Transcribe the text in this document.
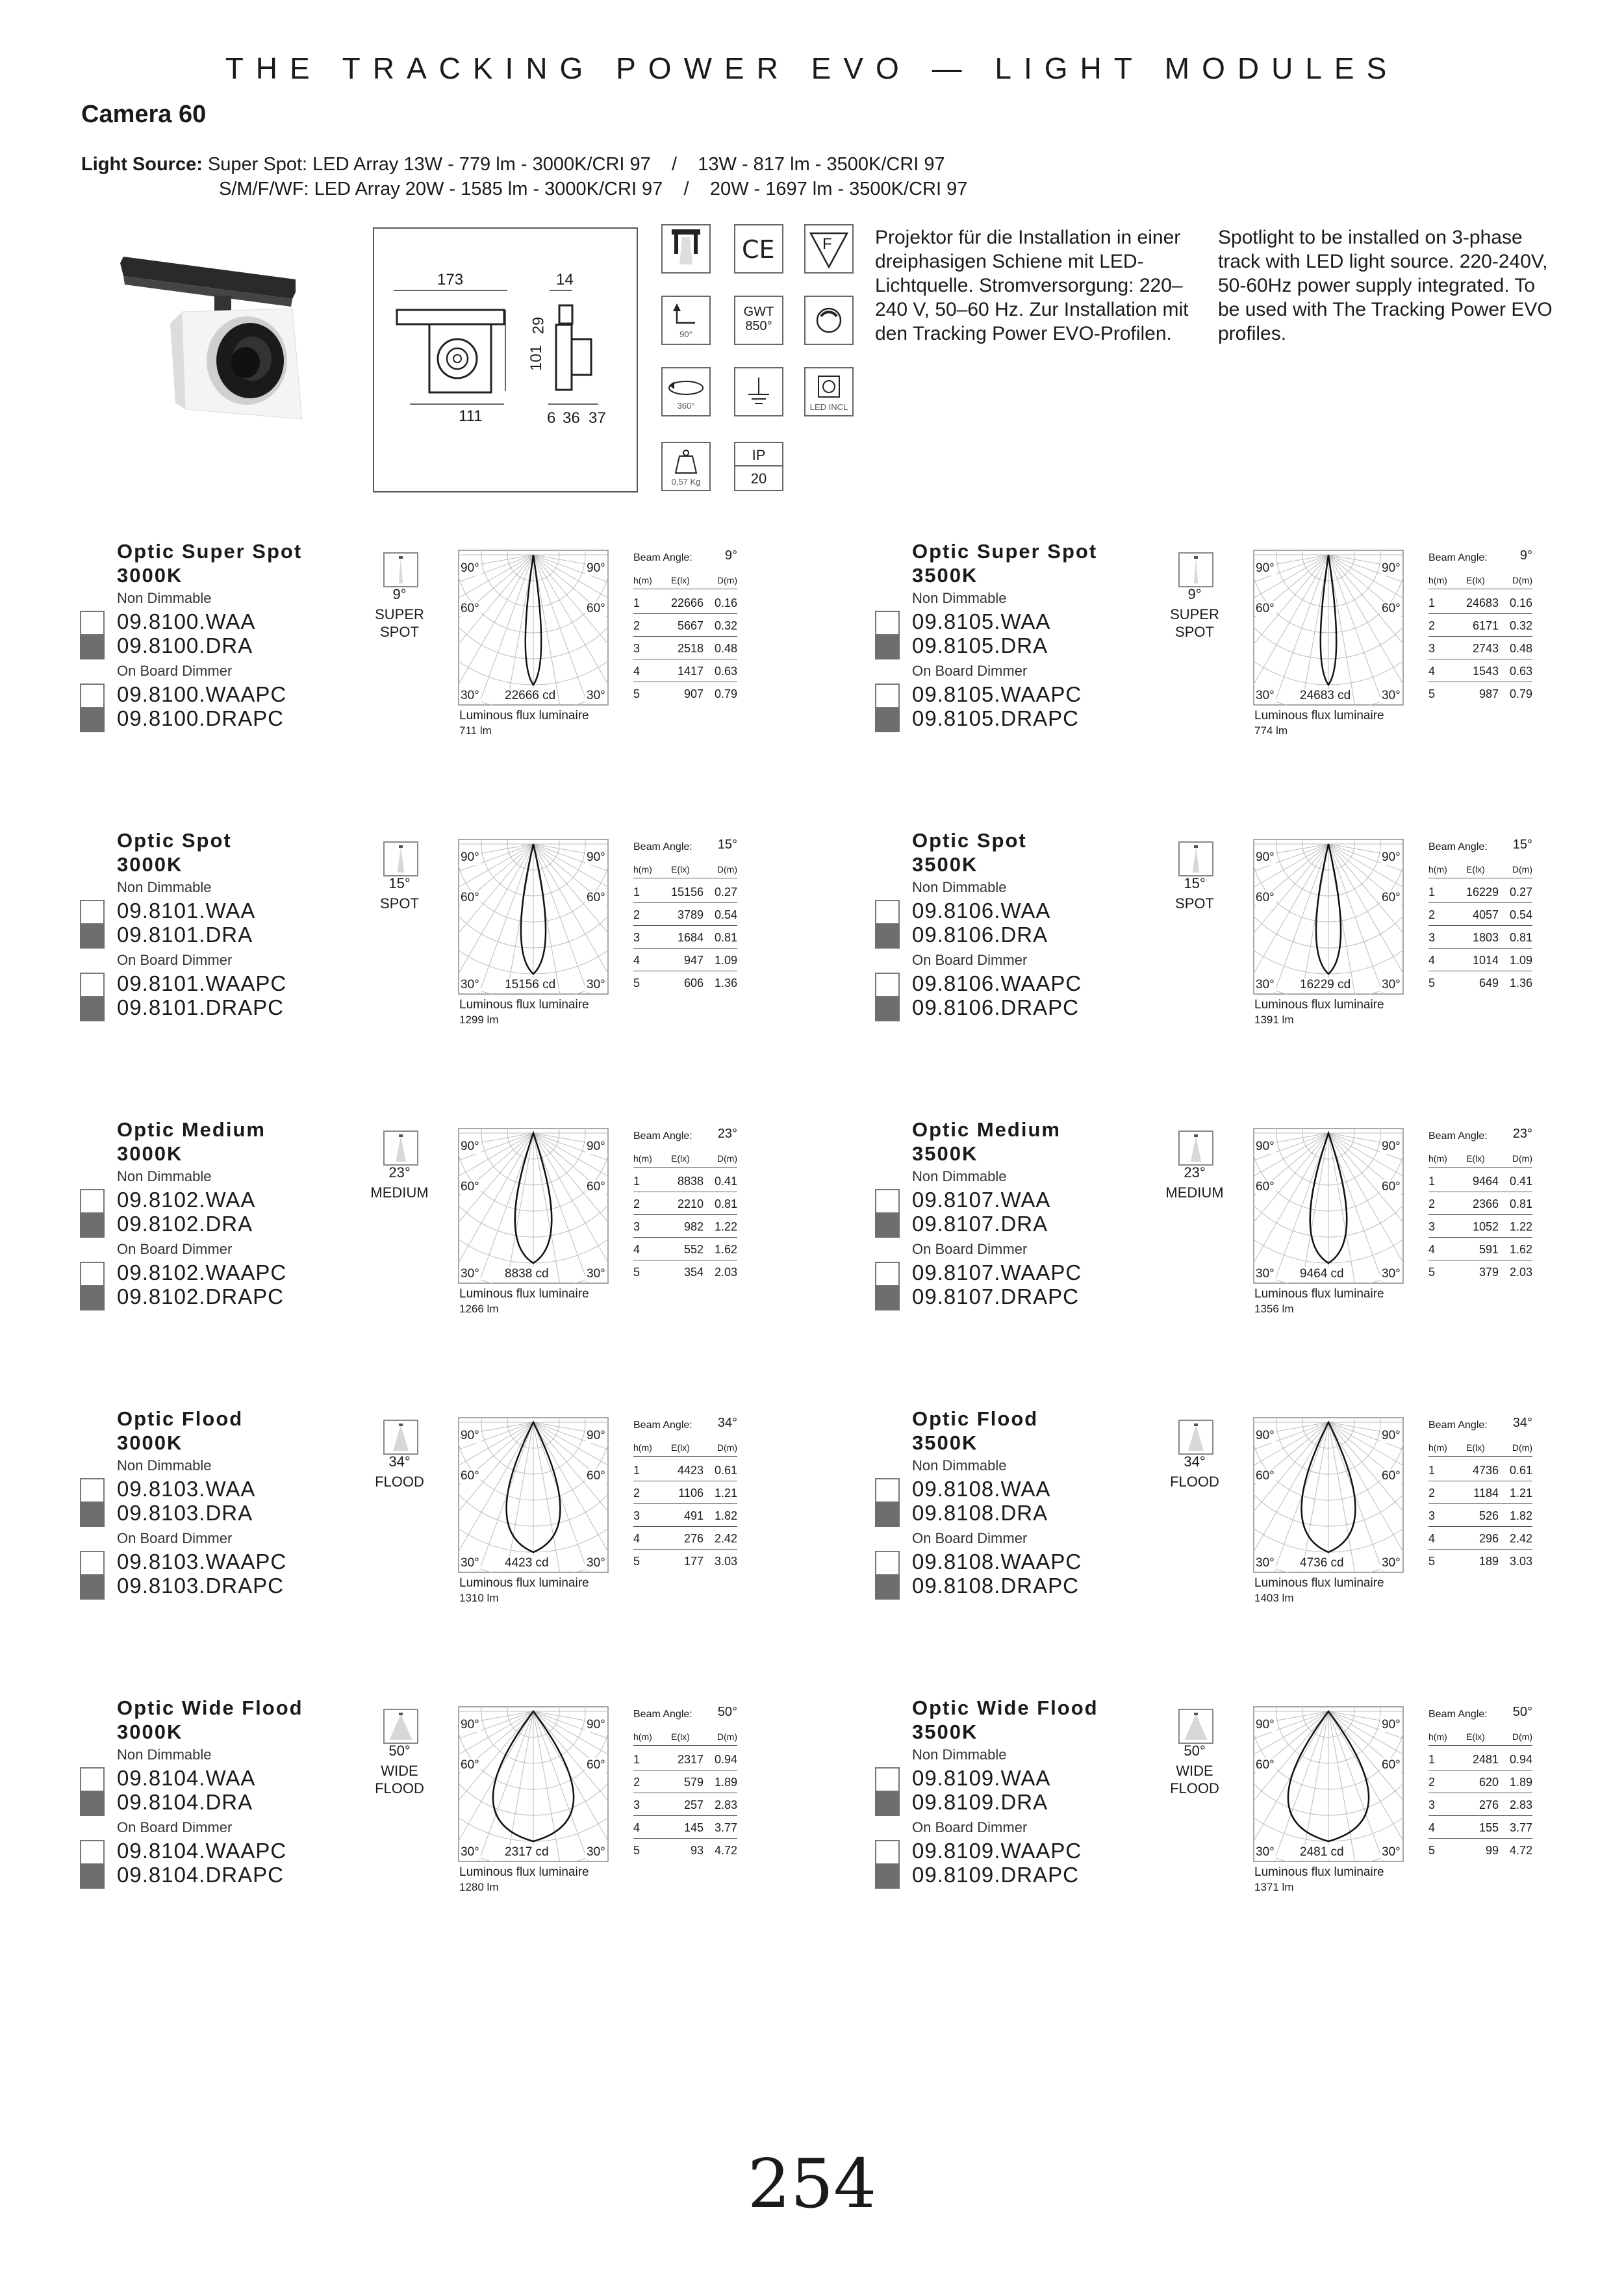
THE TRACKING POWER EVO — LIGHT MODULES
Camera 60
Light Source: Super Spot: LED Array 13W - 779 lm - 3000K/CRI 97    /    13W - 817 lm - 3500K/CRI 97
S/M/F/WF: LED Array 20W - 1585 lm - 3000K/CRI 97    /    20W - 1697 lm - 3500K/CRI 97
173	14
29
101
111	6 36 37
CE	F
90°
GWT
850°
360°	LED INCL
0,57 Kg
IP
20
Projektor für die Installation in einer dreiphasigen Schiene mit LED-Lichtquelle. Stromversorgung: 220–240 V, 50–60 Hz. Zur Installation mit den Tracking Power EVO-Profilen.
Spotlight to be installed on 3-phase track with LED light source. 220-240V, 50-60Hz power supply integrated. To be used with The Tracking Power EVO profiles.
Optic Super Spot
3000K
Non Dimmable
09.8100.WAA
09.8100.DRA
09.8100.WAAPC
09.8100.DRAPC
On Board Dimmer
9°
SUPER
SPOT
90°	90°
60°	60°
30°	30°
22666 cd
Luminous flux luminaire
711 lm
Beam Angle:	9°
h(m) E(lx)	D(m)
1	22666 0.16
2	5667 0.32
3	2518 0.48
4	1417 0.63
5	907 0.79
Optic Super Spot
3500K
Non Dimmable
09.8105.WAA
09.8105.DRA
09.8105.WAAPC
09.8105.DRAPC
On Board Dimmer
9°
SUPER
SPOT
90°	90°
60°	60°
30°	30°
24683 cd
Luminous flux luminaire
774 lm
Beam Angle:	9°
h(m) E(lx)	D(m)
1	24683 0.16
2	6171 0.32
3	2743 0.48
4	1543 0.63
5	987 0.79
Optic Spot
3000K
Non Dimmable
09.8101.WAA
09.8101.DRA
09.8101.WAAPC
09.8101.DRAPC
On Board Dimmer
15°
SPOT
90°	90°
60°	60°
30°	30°
15156 cd
Luminous flux luminaire
1299 lm
Beam Angle: 15°
h(m) E(lx)	D(m)
1	15156 0.27
2	3789 0.54
3	1684 0.81
4	947 1.09
5	606 1.36
Optic Spot
3500K
Non Dimmable
09.8106.WAA
09.8106.DRA
09.8106.WAAPC
09.8106.DRAPC
On Board Dimmer
15°
SPOT
90°	90°
60°	60°
30°	30°
16229 cd
Luminous flux luminaire
1391 lm
Beam Angle: 15°
h(m) E(lx)	D(m)
1	16229 0.27
2	4057 0.54
3	1803 0.81
4	1014 1.09
5	649 1.36
Optic Medium
3000K
Non Dimmable
09.8102.WAA
09.8102.DRA
09.8102.WAAPC
09.8102.DRAPC
On Board Dimmer
23°
MEDIUM
90°	90°
60°	60°
30°	30°
8838 cd
Luminous flux luminaire
1266 lm
Beam Angle: 23°
h(m) E(lx)	D(m)
1	8838 0.41
2	2210 0.81
3	982 1.22
4	552 1.62
5	354 2.03
Optic Medium
3500K
Non Dimmable
09.8107.WAA
09.8107.DRA
09.8107.WAAPC
09.8107.DRAPC
On Board Dimmer
23°
MEDIUM
90°	90°
60°	60°
30°	30°
9464 cd
Luminous flux luminaire
1356 lm
Beam Angle: 23°
h(m) E(lx)	D(m)
1	9464 0.41
2	2366 0.81
3	1052 1.22
4	591 1.62
5	379 2.03
Optic Flood
3000K
Non Dimmable
09.8103.WAA
09.8103.DRA
09.8103.WAAPC
09.8103.DRAPC
On Board Dimmer
34°
FLOOD
90°	90°
60°	60°
30°	30°
4423 cd
Luminous flux luminaire
1310 lm
Beam Angle: 34°
h(m) E(lx)	D(m)
1	4423 0.61
2	1106 1.21
3	491 1.82
4	276 2.42
5	177 3.03
Optic Flood
3500K
Non Dimmable
09.8108.WAA
09.8108.DRA
09.8108.WAAPC
09.8108.DRAPC
On Board Dimmer
34°
FLOOD
90°	90°
60°	60°
30°	30°
4736 cd
Luminous flux luminaire
1403 lm
Beam Angle: 34°
h(m) E(lx)	D(m)
1	4736 0.61
2	1184 1.21
3	526 1.82
4	296 2.42
5	189 3.03
Optic Wide Flood
3000K
Non Dimmable
09.8104.WAA
09.8104.DRA
09.8104.WAAPC
09.8104.DRAPC
On Board Dimmer
50°
WIDE
FLOOD
90°	90°
60°	60°
30°	30°
2317 cd
Luminous flux luminaire
1280 lm
Beam Angle: 50°
h(m) E(lx)	D(m)
1	2317 0.94
2	579 1.89
3	257 2.83
4	145 3.77
5	93 4.72
Optic Wide Flood
3500K
Non Dimmable
09.8109.WAA
09.8109.DRA
09.8109.WAAPC
09.8109.DRAPC
On Board Dimmer
50°
WIDE
FLOOD
90°	90°
60°	60°
30°	30°
2481 cd
Luminous flux luminaire
1371 lm
Beam Angle: 50°
h(m) E(lx)	D(m)
1	2481 0.94
2	620 1.89
3	276 2.83
4	155 3.77
5	99 4.72
254
